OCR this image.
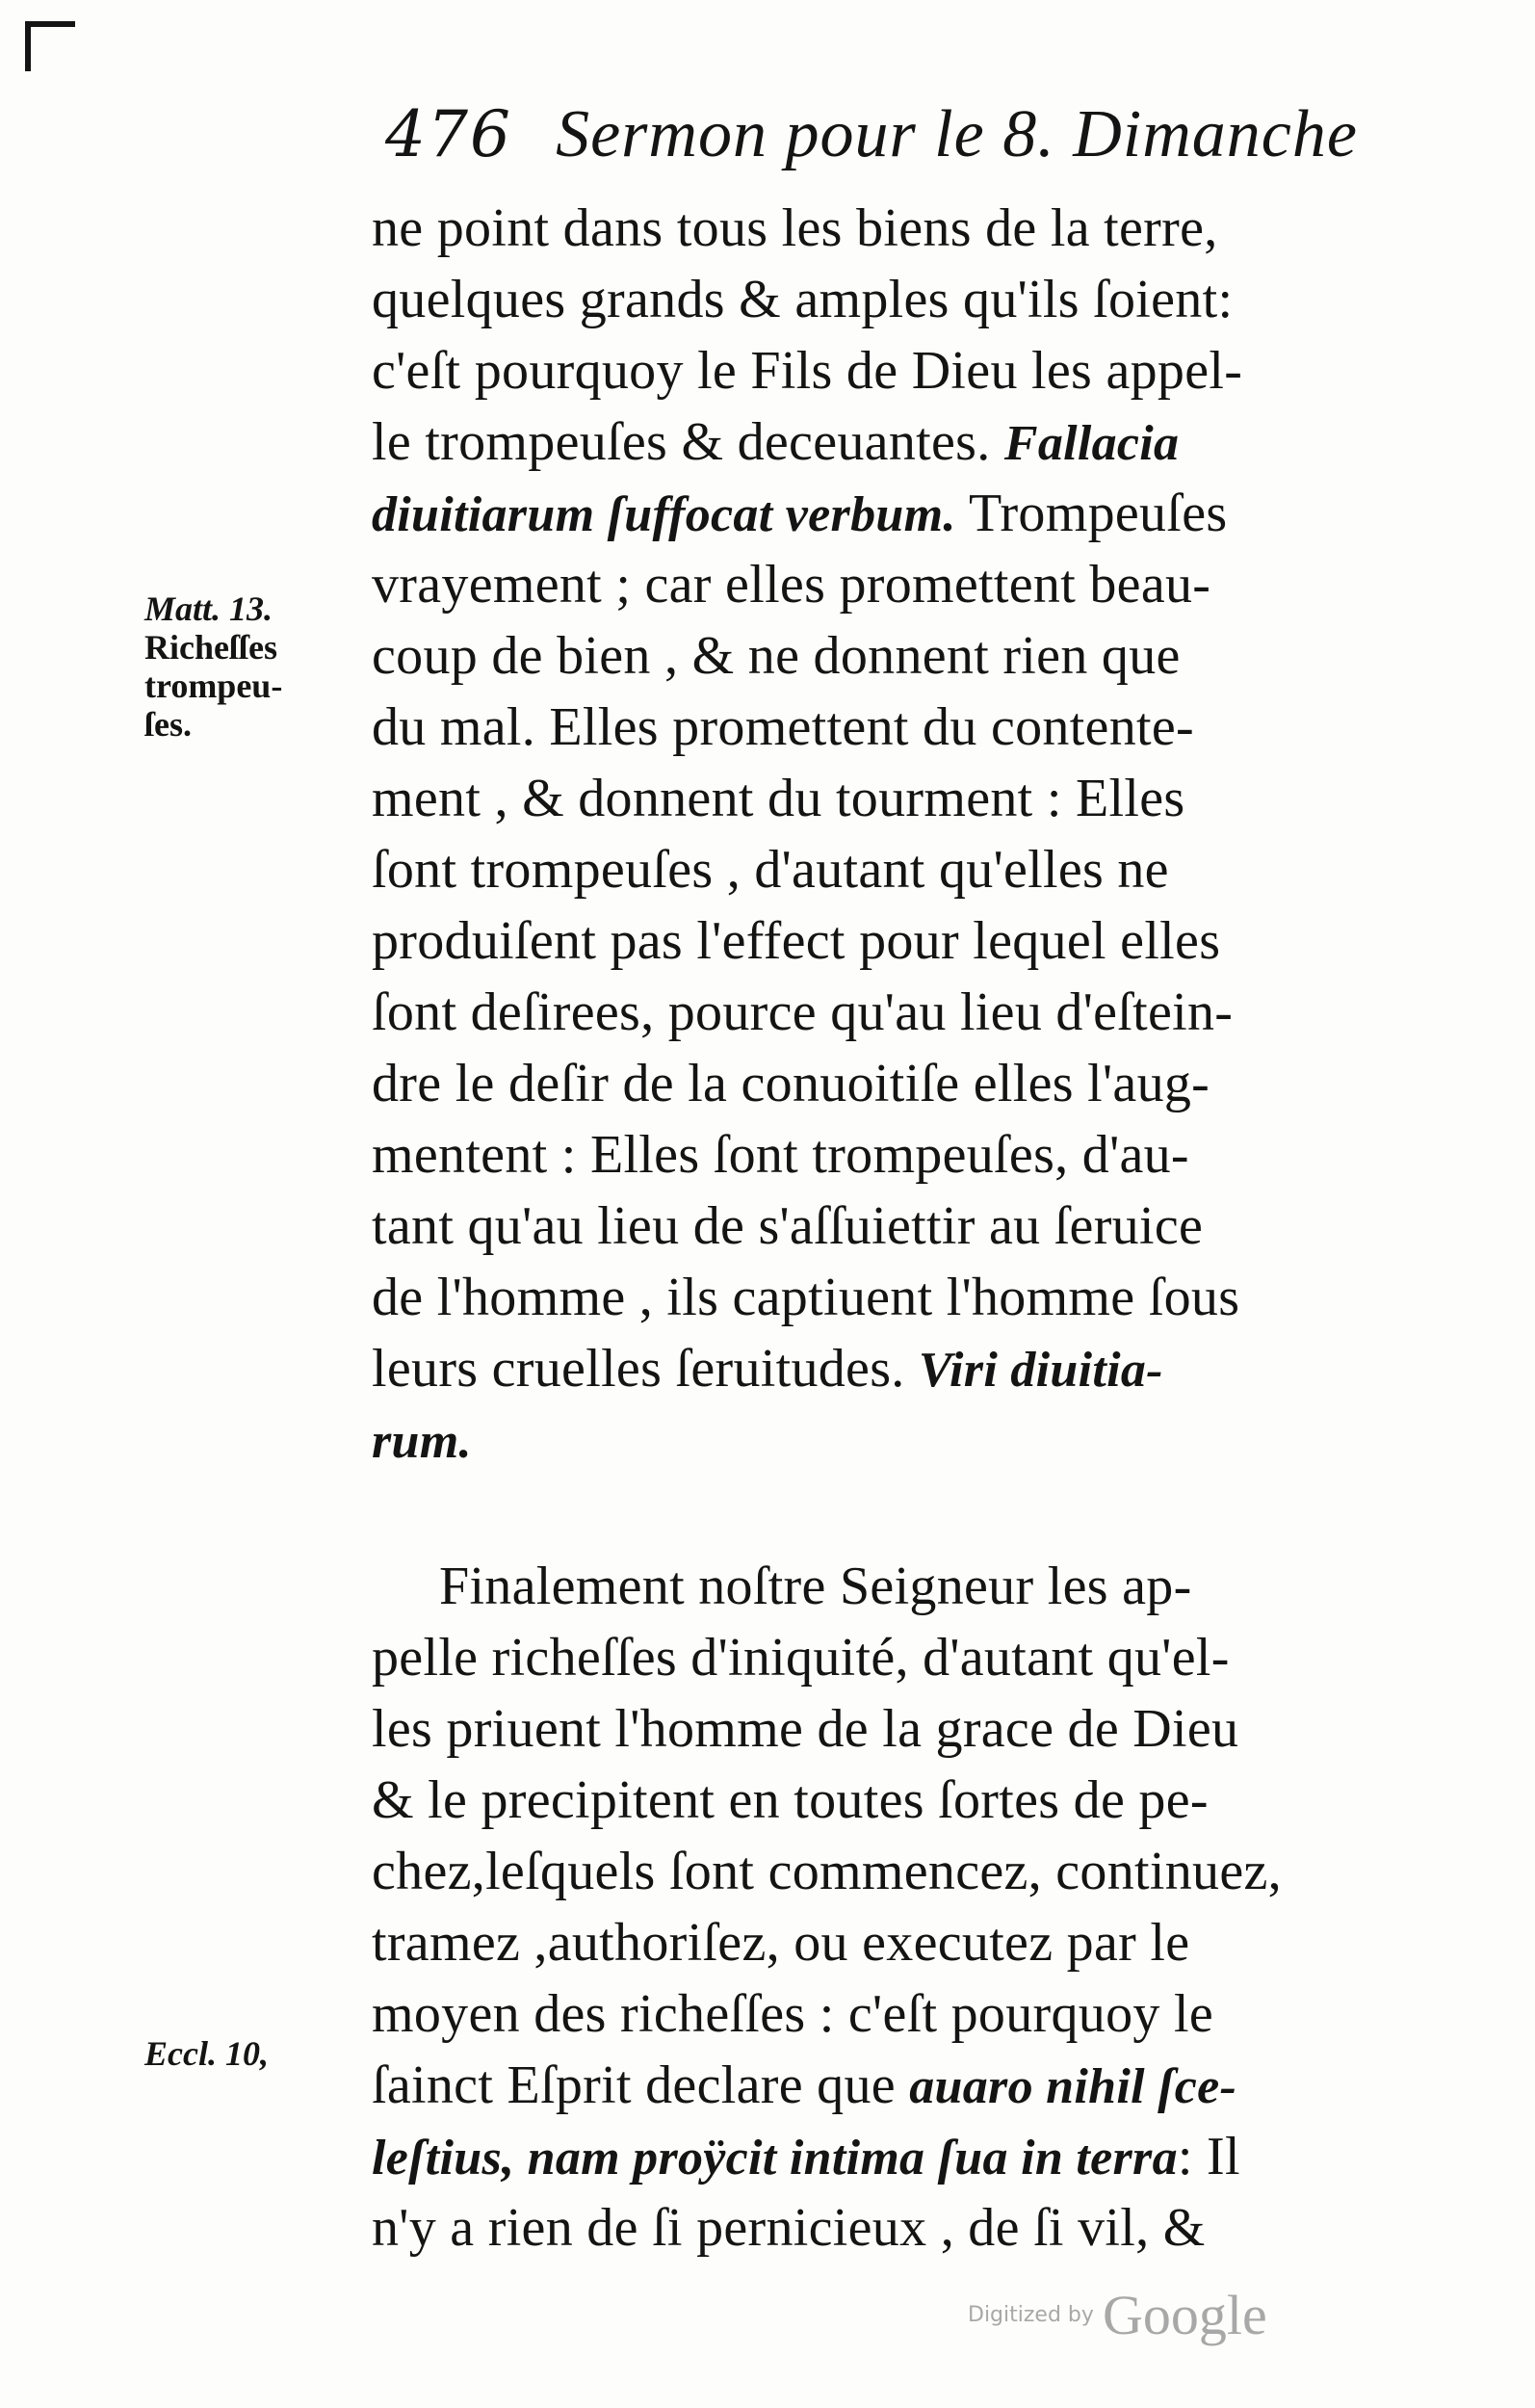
476 Sermon pour le 8. Dimanche
Matt. 13.
Richeſſes
trompeu-
ſes.
Eccl. 10,
ne point dans tous les biens de la terre,
quelques grands & amples qu'ils ſoient:
c'eſt pourquoy le Fils de Dieu les appel-
le trompeuſes & deceuantes. Fallacia
diuitiarum ſuffocat verbum. Trompeuſes
vrayement ; car elles promettent beau-
coup de bien , & ne donnent rien que
du mal. Elles promettent du contente-
ment , & donnent du tourment : Elles
ſont trompeuſes , d'autant qu'elles ne
produiſent pas l'effect pour lequel elles
ſont deſirees, pource qu'au lieu d'eſtein-
dre le deſir de la conuoitiſe elles l'aug-
mentent : Elles ſont trompeuſes, d'au-
tant qu'au lieu de s'aſſuiettir au ſeruice
de l'homme , ils captiuent l'homme ſous
leurs cruelles ſeruitudes. Viri diuitia-
rum.
Finalement noſtre Seigneur les ap-
pelle richeſſes d'iniquité, d'autant qu'el-
les priuent l'homme de la grace de Dieu
& le precipitent en toutes ſortes de pe-
chez,leſquels ſont commencez, continuez,
tramez ,authoriſez, ou executez par le
moyen des richeſſes : c'eſt pourquoy le
ſainct Eſprit declare que auaro nihil ſce-
leſtius, nam proÿcit intima ſua in terra: Il
n'y a rien de ſi pernicieux , de ſi vil, &
Digitized by Google
